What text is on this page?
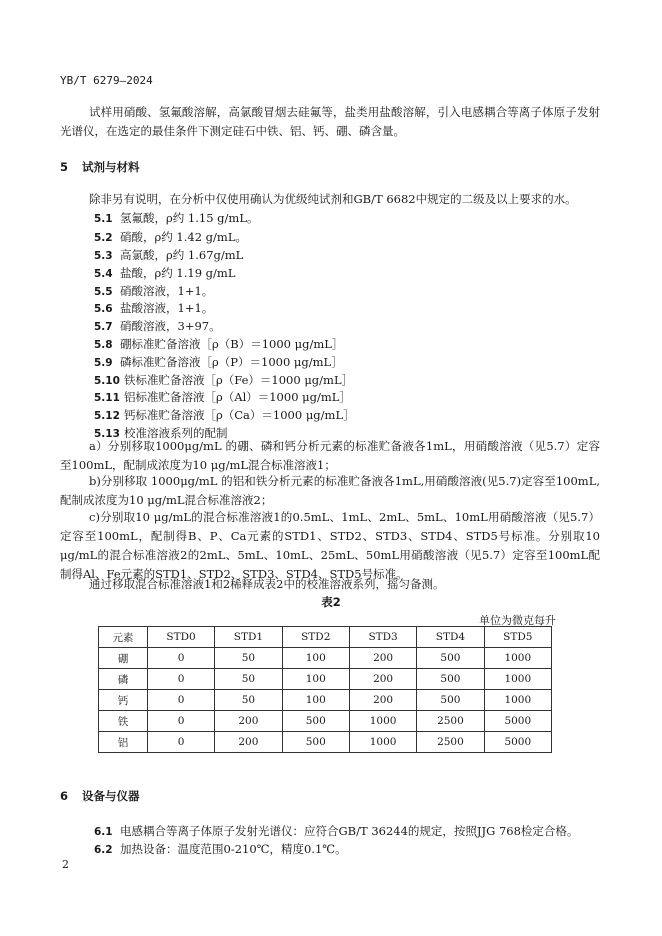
YB/T 6279—2024
试样用硝酸、氢氟酸溶解，高氯酸冒烟去硅氟等，盐类用盐酸溶解，引入电感耦合等离子体原子发射光谱仪，在选定的最佳条件下测定硅石中铁、铝、钙、硼、磷含量。
5 试剂与材料
除非另有说明，在分析中仅使用确认为优级纯试剂和GB/T 6682中规定的二级及以上要求的水。
5.1 氢氟酸，ρ约 1.15 g/mL。
5.2 硝酸，ρ约 1.42 g/mL。
5.3 高氯酸，ρ约 1.67g/mL
5.4 盐酸，ρ约 1.19 g/mL
5.5 硝酸溶液，1+1。
5.6 盐酸溶液，1+1。
5.7 硝酸溶液，3+97。
5.8 硼标准贮备溶液［ρ（B）＝1000 μg/mL］
5.9 磷标准贮备溶液［ρ（P）＝1000 μg/mL］
5.10 铁标准贮备溶液［ρ（Fe）＝1000 μg/mL］
5.11 铝标准贮备溶液［ρ（Al）＝1000 μg/mL］
5.12 钙标准贮备溶液［ρ（Ca）＝1000 μg/mL］
5.13 校准溶液系列的配制
a）分别移取1000μg/mL 的硼、磷和钙分析元素的标准贮备液各1mL，用硝酸溶液（见5.7）定容至100mL，配制成浓度为10 μg/mL混合标准溶液1；
b)分别移取 1000μg/mL 的铝和铁分析元素的标准贮备液各1mL,用硝酸溶液(见5.7)定容至100mL,配制成浓度为10 μg/mL混合标准溶液2；
c)分别取10 μg/mL的混合标准溶液1的0.5mL、1mL、2mL、5mL、10mL用硝酸溶液（见5.7）定容至100mL，配制得B、P、Ca元素的STD1、STD2、STD3、STD4、STD5号标准。分别取10 μg/mL的混合标准溶液2的2mL、5mL、10mL、25mL、50mL用硝酸溶液（见5.7）定容至100mL配制得Al、Fe元素的STD1、STD2、STD3、STD4、STD5号标准。
通过移取混合标准溶液1和2稀释成表2中的校准溶液系列，摇匀备测。
表2
单位为微克每升
元素	STD0	STD1	STD2	STD3	STD4	STD5
硼	0	50	100	200	500	1000
磷	0	50	100	200	500	1000
钙	0	50	100	200	500	1000
铁	0	200	500	1000	2500	5000
铝	0	200	500	1000	2500	5000
6 设备与仪器
6.1 电感耦合等离子体原子发射光谱仪：应符合GB/T 36244的规定，按照JJG 768检定合格。
6.2 加热设备：温度范围0-210℃，精度0.1℃。
2
